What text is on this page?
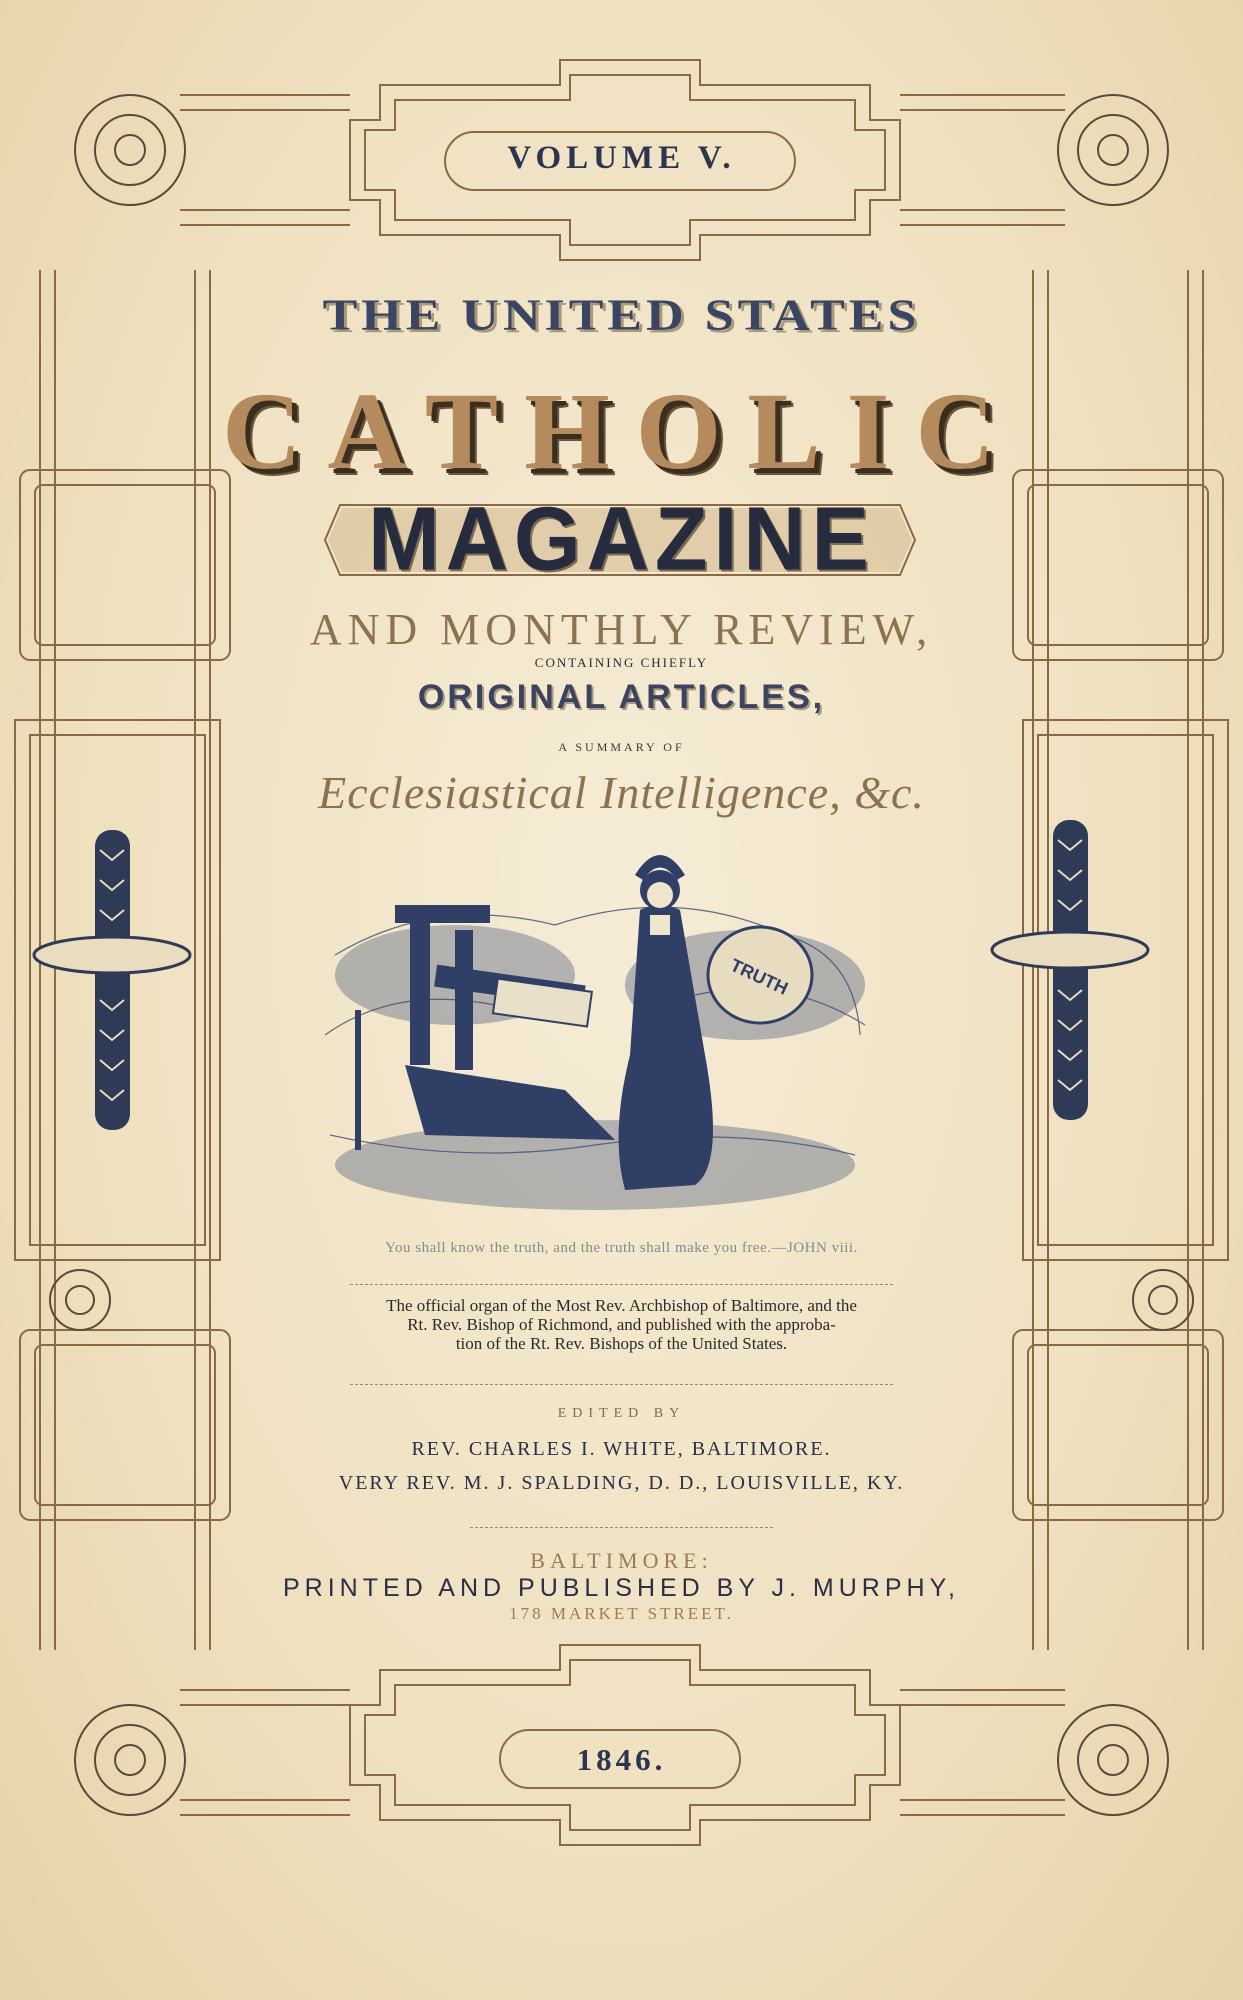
VOLUME V.
THE UNITED STATES
CATHOLIC
MAGAZINE
AND MONTHLY REVIEW,
CONTAINING CHIEFLY
ORIGINAL ARTICLES,
A SUMMARY OF
Ecclesiastical Intelligence, &c.
TRUTH
You shall know the truth, and the truth shall make you free.—JOHN viii.
The official organ of the Most Rev. Archbishop of Baltimore, and the
Rt. Rev. Bishop of Richmond, and published with the approba-
tion of the Rt. Rev. Bishops of the United States.
EDITED BY
REV. CHARLES I. WHITE, BALTIMORE.
VERY REV. M. J. SPALDING, D. D., LOUISVILLE, KY.
BALTIMORE:
PRINTED AND PUBLISHED BY J. MURPHY,
178 MARKET STREET.
1846.
